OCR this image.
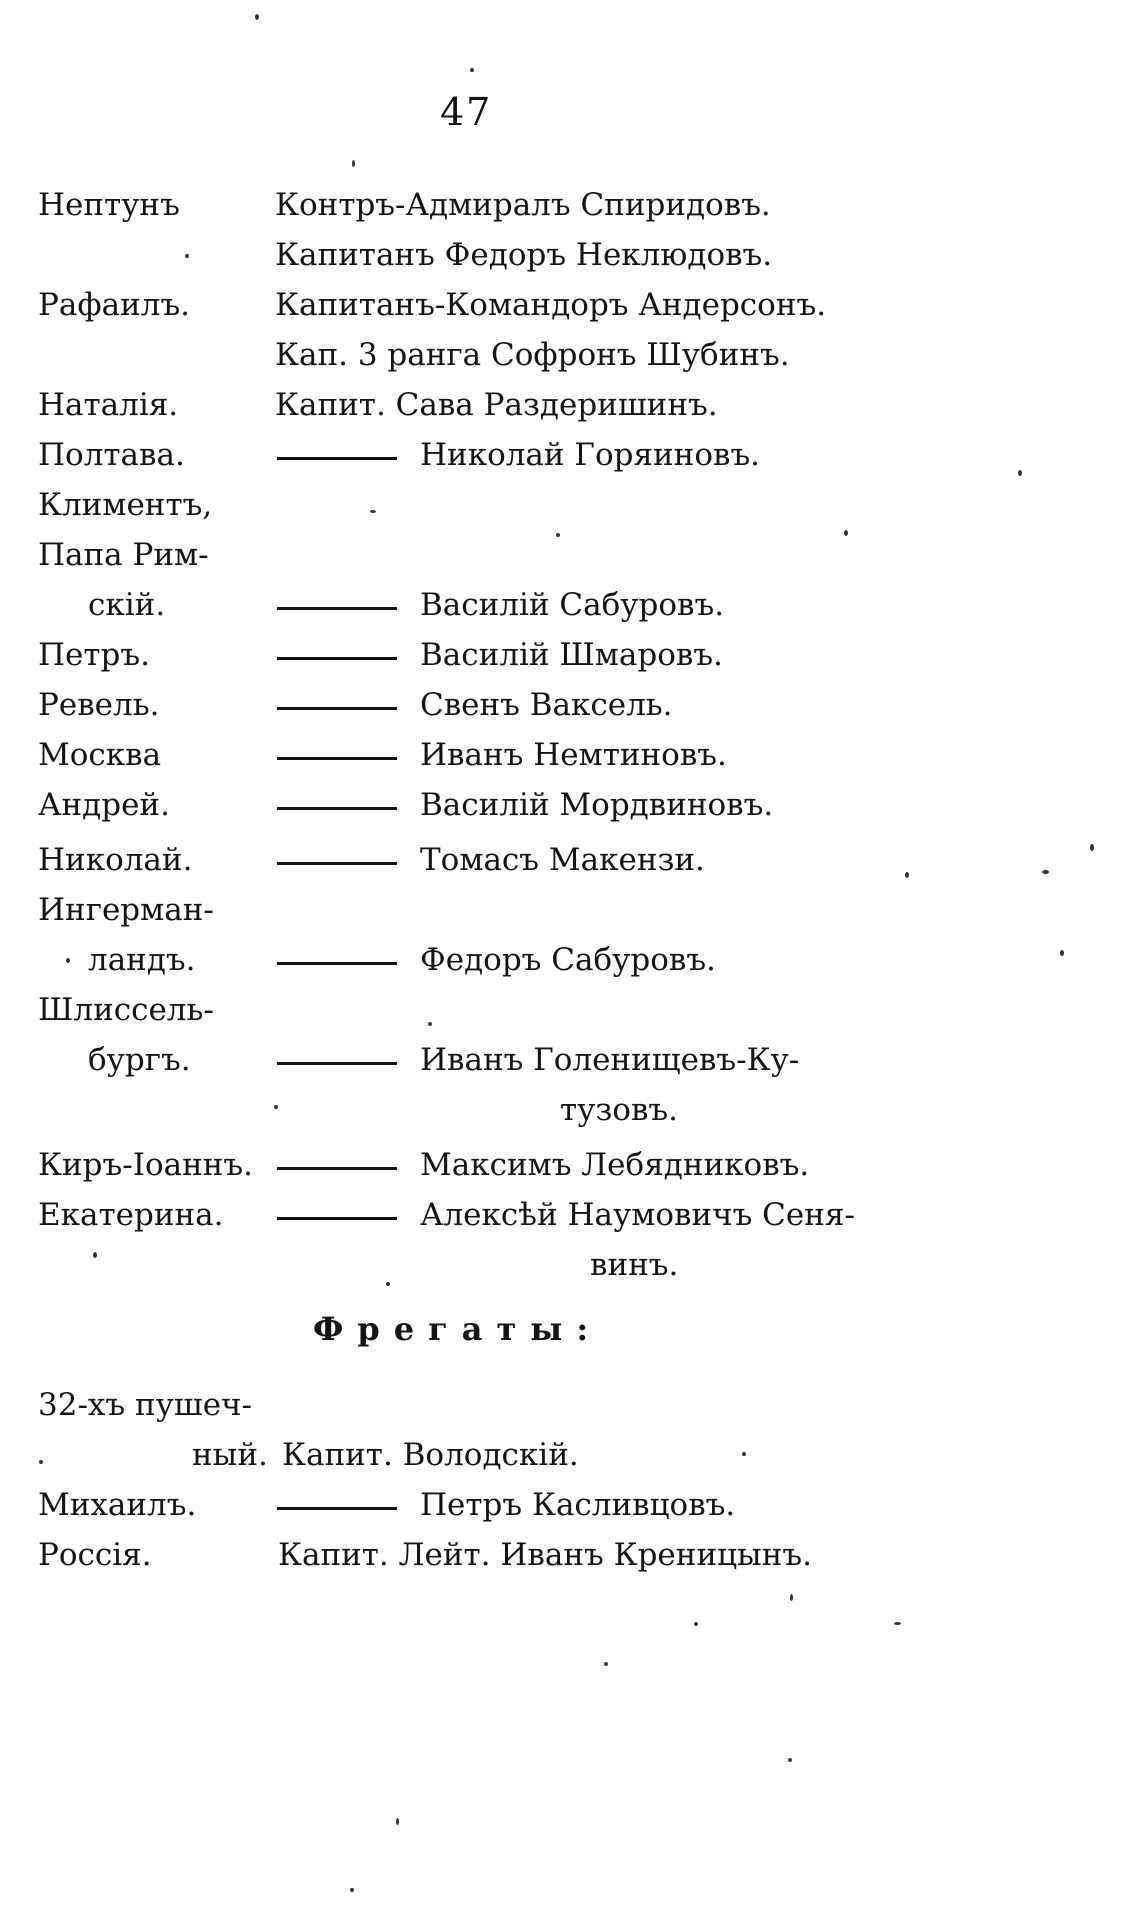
47
Нептунъ	Контръ-Адмиралъ Спиридовъ.
Капитанъ Федоръ Неклюдовъ.
Рафаилъ.	Капитанъ-Командоръ Андерсонъ.
Кап. 3 ранга Софронъ Шубинъ.
Наталія.	Капит. Сава Раздеришинъ.
Полтава.	Николай Горяиновъ.
Климентъ,
Папа Рим-
скій.	Василій Сабуровъ.
Петръ.	Василій Шмаровъ.
Ревель.	Свенъ Ваксель.
Москва	Иванъ Немтиновъ.
Андрей.	Василій Мордвиновъ.
Николай.	Томасъ Макензи.
Ингерман-
ландъ.	Федоръ Сабуровъ.
Шлиссель-
бургъ.	Иванъ Голенищевъ-Ку-
тузовъ.
Киръ-Іоаннъ.	Максимъ Лебядниковъ.
Екатерина.	Алексѣй Наумовичъ Сеня-
винъ.
Фрегаты:
32-хъ пушеч-
ный. Капит. Володскій.
Михаилъ.	Петръ Касливцовъ.
Россія.	Капит. Лейт. Иванъ Креницынъ.
